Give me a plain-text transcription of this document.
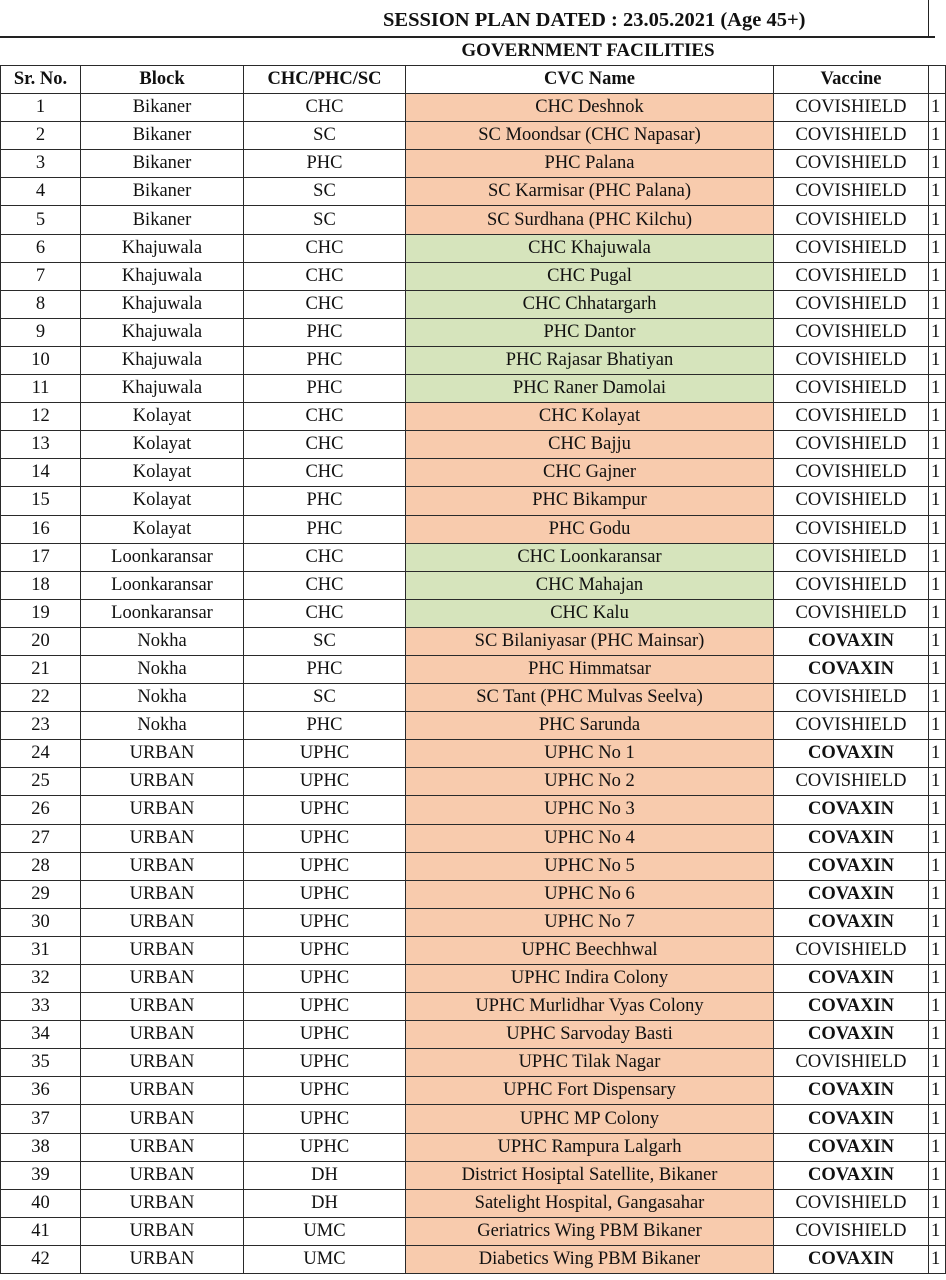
SESSION PLAN DATED : 23.05.2021 (Age 45+)
GOVERNMENT FACILITIES
Sr. No.	Block	CHC/PHC/SC	CVC Name	Vaccine	
1	Bikaner	CHC	CHC Deshnok	COVISHIELD	1
2	Bikaner	SC	SC Moondsar (CHC Napasar)	COVISHIELD	1
3	Bikaner	PHC	PHC Palana	COVISHIELD	1
4	Bikaner	SC	SC Karmisar (PHC Palana)	COVISHIELD	1
5	Bikaner	SC	SC Surdhana (PHC Kilchu)	COVISHIELD	1
6	Khajuwala	CHC	CHC Khajuwala	COVISHIELD	1
7	Khajuwala	CHC	CHC Pugal	COVISHIELD	1
8	Khajuwala	CHC	CHC Chhatargarh	COVISHIELD	1
9	Khajuwala	PHC	PHC Dantor	COVISHIELD	1
10	Khajuwala	PHC	PHC Rajasar Bhatiyan	COVISHIELD	1
11	Khajuwala	PHC	PHC Raner Damolai	COVISHIELD	1
12	Kolayat	CHC	CHC Kolayat	COVISHIELD	1
13	Kolayat	CHC	CHC Bajju	COVISHIELD	1
14	Kolayat	CHC	CHC Gajner	COVISHIELD	1
15	Kolayat	PHC	PHC Bikampur	COVISHIELD	1
16	Kolayat	PHC	PHC Godu	COVISHIELD	1
17	Loonkaransar	CHC	CHC Loonkaransar	COVISHIELD	1
18	Loonkaransar	CHC	CHC Mahajan	COVISHIELD	1
19	Loonkaransar	CHC	CHC Kalu	COVISHIELD	1
20	Nokha	SC	SC Bilaniyasar (PHC Mainsar)	COVAXIN	1
21	Nokha	PHC	PHC Himmatsar	COVAXIN	1
22	Nokha	SC	SC Tant (PHC Mulvas Seelva)	COVISHIELD	1
23	Nokha	PHC	PHC Sarunda	COVISHIELD	1
24	URBAN	UPHC	UPHC No 1	COVAXIN	1
25	URBAN	UPHC	UPHC No 2	COVISHIELD	1
26	URBAN	UPHC	UPHC No 3	COVAXIN	1
27	URBAN	UPHC	UPHC No 4	COVAXIN	1
28	URBAN	UPHC	UPHC No 5	COVAXIN	1
29	URBAN	UPHC	UPHC No 6	COVAXIN	1
30	URBAN	UPHC	UPHC No 7	COVAXIN	1
31	URBAN	UPHC	UPHC Beechhwal	COVISHIELD	1
32	URBAN	UPHC	UPHC Indira Colony	COVAXIN	1
33	URBAN	UPHC	UPHC Murlidhar Vyas Colony	COVAXIN	1
34	URBAN	UPHC	UPHC Sarvoday Basti	COVAXIN	1
35	URBAN	UPHC	UPHC Tilak Nagar	COVISHIELD	1
36	URBAN	UPHC	UPHC Fort Dispensary	COVAXIN	1
37	URBAN	UPHC	UPHC MP Colony	COVAXIN	1
38	URBAN	UPHC	UPHC Rampura Lalgarh	COVAXIN	1
39	URBAN	DH	District Hosiptal Satellite, Bikaner	COVAXIN	1
40	URBAN	DH	Satelight Hospital, Gangasahar	COVISHIELD	1
41	URBAN	UMC	Geriatrics Wing PBM Bikaner	COVISHIELD	1
42	URBAN	UMC	Diabetics Wing PBM Bikaner	COVAXIN	1
